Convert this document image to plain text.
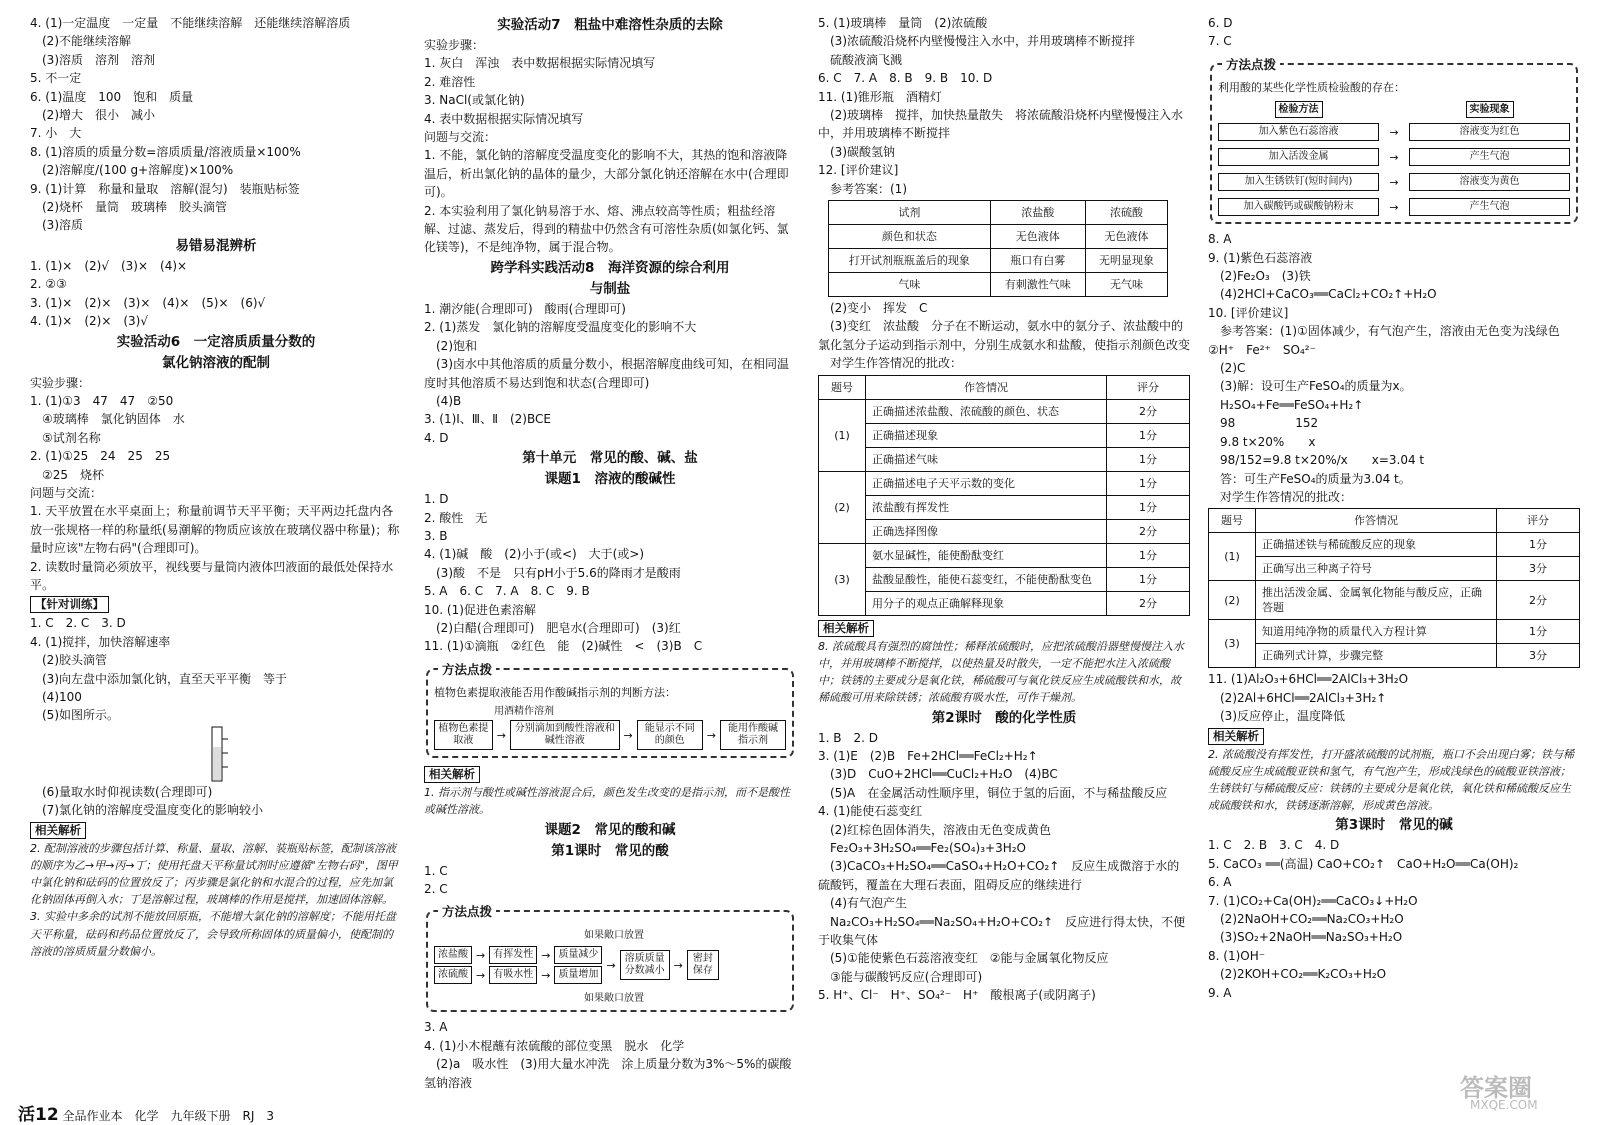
4. (1)一定温度　一定量　不能继续溶解　还能继续溶解溶质
　(2)不能继续溶解
　(3)溶质　溶剂　溶剂
5. 不一定
6. (1)温度　100　饱和　质量
　(2)增大　很小　减小
7. 小　大
8. (1)溶质的质量分数=溶质质量/溶液质量×100%
　(2)溶解度/(100 g+溶解度)×100%
9. (1)计算　称量和量取　溶解(混匀)　装瓶贴标签
　(2)烧杯　量筒　玻璃棒　胶头滴管
　(3)溶质
易错易混辨析
1. (1)×　(2)√　(3)×　(4)×
2. ②③
3. (1)×　(2)×　(3)×　(4)×　(5)×　(6)√
4. (1)×　(2)×　(3)√
实验活动6　一定溶质质量分数的
氯化钠溶液的配制
实验步骤：
1. (1)①3　47　47　②50
　④玻璃棒　氯化钠固体　水
　⑤试剂名称
2. (1)①25　24　25　25
　②25　烧杯
问题与交流：
1. 天平放置在水平桌面上；称量前调节天平平衡；天平两边托盘内各放一张规格一样的称量纸(易潮解的物质应该放在玻璃仪器中称量)；称量时应该"左物右码"(合理即可)。
2. 读数时量筒必须放平，视线要与量筒内液体凹液面的最低处保持水平。
【针对训练】
1. C　2. C　3. D
4. (1)搅拌，加快溶解速率
　(2)胶头滴管
　(3)向左盘中添加氯化钠，直至天平平衡　等于
　(4)100
　(5)如图所示。
　(6)量取水时仰视读数(合理即可)
　(7)氯化钠的溶解度受温度变化的影响较小
相关解析
2. 配制溶液的步骤包括计算、称量、量取、溶解、装瓶贴标签，配制该溶液的顺序为乙→甲→丙→丁；使用托盘天平称量试剂时应遵循"左物右码"，图甲中氯化钠和砝码的位置放反了；丙步骤是氯化钠和水混合的过程，应先加氯化钠固体再倒入水；丁是溶解过程，玻璃棒的作用是搅拌，加速固体溶解。
3. 实验中多余的试剂不能放回原瓶，不能增大氯化钠的溶解度；不能用托盘天平称量，砝码和药品位置放反了，会导致所称固体的质量偏小，使配制的溶液的溶质质量分数偏小。
实验活动7　粗盐中难溶性杂质的去除
实验步骤：
1. 灰白　浑浊　表中数据根据实际情况填写
2. 难溶性
3. NaCl(或氯化钠)
4. 表中数据根据实际情况填写
问题与交流：
1. 不能，氯化钠的溶解度受温度变化的影响不大，其热的饱和溶液降温后，析出氯化钠的晶体的量少，大部分氯化钠还溶解在水中(合理即可)。
2. 本实验利用了氯化钠易溶于水、熔、沸点较高等性质；粗盐经溶解、过滤、蒸发后，得到的精盐中仍然含有可溶性杂质(如氯化钙、氯化镁等)，不是纯净物，属于混合物。
跨学科实践活动8　海洋资源的综合利用
与制盐
1. 潮汐能(合理即可)　酸雨(合理即可)
2. (1)蒸发　氯化钠的溶解度受温度变化的影响不大
　(2)饱和
　(3)卤水中其他溶质的质量分数小，根据溶解度曲线可知，在相同温度时其他溶质不易达到饱和状态(合理即可)
　(4)B
3. (1)Ⅰ、Ⅲ、Ⅱ　(2)BCE
4. D
第十单元　常见的酸、碱、盐
课题1　溶液的酸碱性
1. D
2. 酸性　无
3. B
4. (1)碱　酸　(2)小于(或<)　大于(或>)
　(3)酸　不是　只有pH小于5.6的降雨才是酸雨
5. A　6. C　7. A　8. C　9. B
10. (1)促进色素溶解
　(2)白醋(合理即可)　肥皂水(合理即可)　(3)红
11. (1)①滴瓶　②红色　能　(2)碱性　<　(3)B　C
方法点拨
植物色素提取液能否用作酸碱指示剂的判断方法：
用酒精作溶剂
植物色素提取液	→ 分别滴加到酸性溶液和碱性溶液	→	能显示不同的颜色	→	能用作酸碱指示剂
相关解析
1. 指示剂与酸性或碱性溶液混合后，颜色发生改变的是指示剂，而不是酸性或碱性溶液。
课题2　常见的酸和碱
第1课时　常见的酸
1. C
2. C
方法点拨
如果敞口放置
浓盐酸 → 有挥发性 → 质量减少
浓硫酸 → 有吸水性 → 质量增加
→ 溶质质量分数减小 →	密封保存
如果敞口放置
3. A
4. (1)小木棍蘸有浓硫酸的部位变黑　脱水　化学
　(2)a　吸水性　(3)用大量水冲洗　涂上质量分数为3%～5%的碳酸氢钠溶液
5. (1)玻璃棒　量筒　(2)浓硫酸
　(3)浓硫酸沿烧杯内壁慢慢注入水中，并用玻璃棒不断搅拌
　硫酸液滴飞溅
6. C　7. A　8. B　9. B　10. D
11. (1)锥形瓶　酒精灯
　(2)玻璃棒　搅拌，加快热量散失　将浓硫酸沿烧杯内壁慢慢注入水中，并用玻璃棒不断搅拌
　(3)碳酸氢钠
12. [评价建议]
　参考答案：(1)
试剂	浓盐酸	浓硫酸
颜色和状态	无色液体	无色液体
打开试剂瓶瓶盖后的现象	瓶口有白雾	无明显现象
气味	有刺激性气味	无气味
　(2)变小　挥发　C
　(3)变红　浓盐酸　分子在不断运动，氨水中的氨分子、浓盐酸中的氯化氢分子运动到指示剂中，分别生成氨水和盐酸，使指示剂颜色改变
　对学生作答情况的批改：
题号	作答情况	评分
(1)	正确描述浓盐酸、浓硫酸的颜色、状态	2分
	正确描述现象	1分
	正确描述气味	1分
(2)	正确描述电子天平示数的变化	1分
	浓盐酸有挥发性	1分
	正确选择图像	2分
(3)	氨水显碱性，能使酚酞变红	1分
	盐酸显酸性，能使石蕊变红，不能使酚酞变色	1分
	用分子的观点正确解释现象	2分
相关解析
8. 浓硫酸具有强烈的腐蚀性；稀释浓硫酸时，应把浓硫酸沿器壁慢慢注入水中，并用玻璃棒不断搅拌，以使热量及时散失，一定不能把水注入浓硫酸中；铁锈的主要成分是氧化铁，稀硫酸可与氧化铁反应生成硫酸铁和水，故稀硫酸可用来除铁锈；浓硫酸有吸水性，可作干燥剂。
第2课时　酸的化学性质
1. B　2. D
3. (1)E　(2)B　Fe+2HCl══FeCl₂+H₂↑
　(3)D　CuO+2HCl══CuCl₂+H₂O　(4)BC
　(5)A　在金属活动性顺序里，铜位于氢的后面，不与稀盐酸反应
4. (1)能使石蕊变红
　(2)红棕色固体消失，溶液由无色变成黄色
　Fe₂O₃+3H₂SO₄══Fe₂(SO₄)₃+3H₂O
　(3)CaCO₃+H₂SO₄══CaSO₄+H₂O+CO₂↑　反应生成微溶于水的硫酸钙，覆盖在大理石表面，阻碍反应的继续进行
　(4)有气泡产生
　Na₂CO₃+H₂SO₄══Na₂SO₄+H₂O+CO₂↑　反应进行得太快，不便于收集气体
　(5)①能使紫色石蕊溶液变红　②能与金属氧化物反应
　③能与碳酸钙反应(合理即可)
5. H⁺、Cl⁻　H⁺、SO₄²⁻　H⁺　酸根离子(或阴离子)
6. D
7. C
方法点拨
利用酸的某些化学性质检验酸的存在：
检验方法	实验现象
加入紫色石蕊溶液	→	溶液变为红色
加入活泼金属	→	产生气泡
加入生锈铁钉(短时间内)	→	溶液变为黄色
加入碳酸钙或碳酸钠粉末	→	产生气泡
8. A
9. (1)紫色石蕊溶液
　(2)Fe₂O₃　(3)铁
　(4)2HCl+CaCO₃══CaCl₂+CO₂↑+H₂O
10. [评价建议]
　参考答案：(1)①固体减少，有气泡产生，溶液由无色变为浅绿色　②H⁺　Fe²⁺　SO₄²⁻
　(2)C
　(3)解：设可生产FeSO₄的质量为x。
　H₂SO₄+Fe══FeSO₄+H₂↑
　98　　　　　152
　9.8 t×20%　　x
　98/152=9.8 t×20%/x　　x=3.04 t
　答：可生产FeSO₄的质量为3.04 t。
　对学生作答情况的批改：
题号	作答情况	评分
(1)	正确描述铁与稀硫酸反应的现象	1分
	正确写出三种离子符号	3分
(2)	推出活泼金属、金属氧化物能与酸反应，正确答题	2分
(3)	知道用纯净物的质量代入方程计算	1分
	正确列式计算，步骤完整	3分
11. (1)Al₂O₃+6HCl══2AlCl₃+3H₂O
　(2)2Al+6HCl══2AlCl₃+3H₂↑
　(3)反应停止，温度降低
相关解析
2. 浓硫酸没有挥发性，打开盛浓硫酸的试剂瓶，瓶口不会出现白雾；铁与稀硫酸反应生成硫酸亚铁和氢气，有气泡产生，形成浅绿色的硫酸亚铁溶液；生锈铁钉与稀硫酸反应：铁锈的主要成分是氧化铁，氧化铁和稀硫酸反应生成硫酸铁和水，铁锈逐渐溶解，形成黄色溶液。
第3课时　常见的碱
1. C　2. B　3. C　4. D
5. CaCO₃ ══(高温) CaO+CO₂↑　CaO+H₂O══Ca(OH)₂
6. A
7. (1)CO₂+Ca(OH)₂══CaCO₃↓+H₂O
　(2)2NaOH+CO₂══Na₂CO₃+H₂O
　(3)SO₂+2NaOH══Na₂SO₃+H₂O
8. (1)OH⁻
　(2)2KOH+CO₂══K₂CO₃+H₂O
9. A
活12 全品作业本　化学　九年级下册　RJ　3
答案圈
MXQE.COM
